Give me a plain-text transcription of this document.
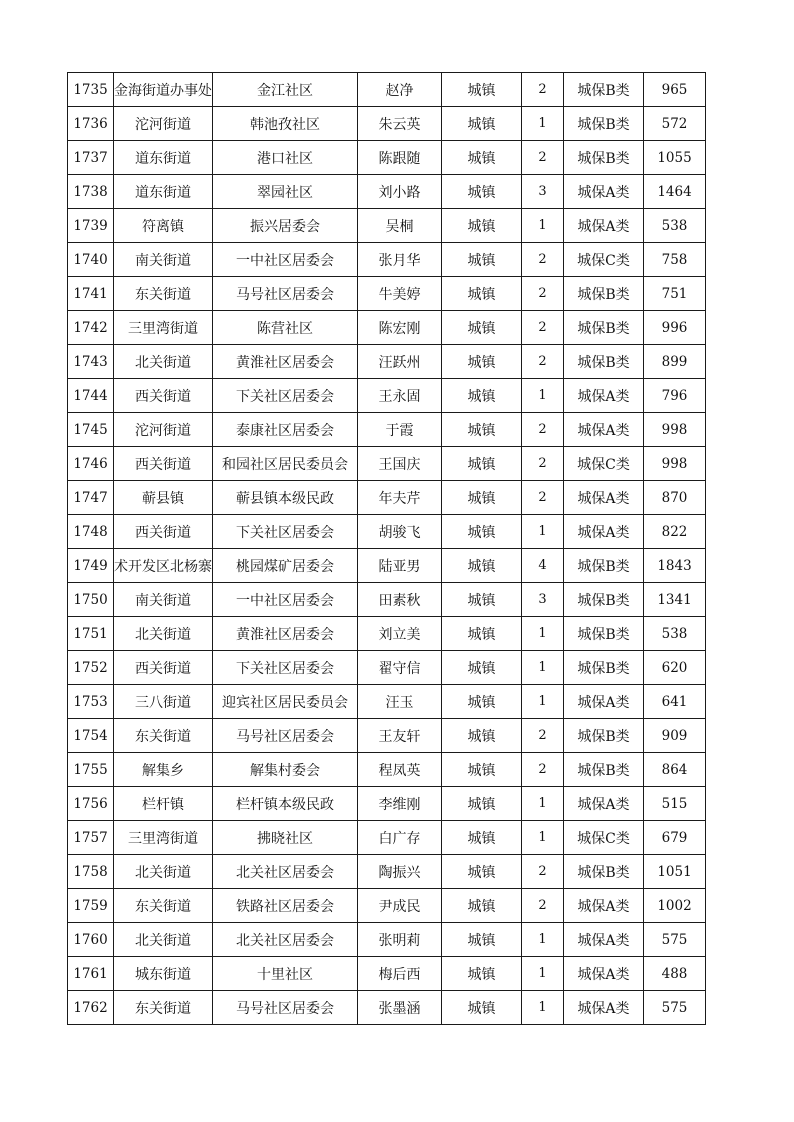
1735	金海街道办事处	金江社区	赵净	城镇	2	城保B类	965
1736	沱河街道	韩池孜社区	朱云英	城镇	1	城保B类	572
1737	道东街道	港口社区	陈跟随	城镇	2	城保B类	1055
1738	道东街道	翠园社区	刘小路	城镇	3	城保A类	1464
1739	符离镇	振兴居委会	吴桐	城镇	1	城保A类	538
1740	南关街道	一中社区居委会	张月华	城镇	2	城保C类	758
1741	东关街道	马号社区居委会	牛美婷	城镇	2	城保B类	751
1742	三里湾街道	陈营社区	陈宏刚	城镇	2	城保B类	996
1743	北关街道	黄淮社区居委会	汪跃州	城镇	2	城保B类	899
1744	西关街道	下关社区居委会	王永固	城镇	1	城保A类	796
1745	沱河街道	泰康社区居委会	于霞	城镇	2	城保A类	998
1746	西关街道	和园社区居民委员会	王国庆	城镇	2	城保C类	998
1747	蕲县镇	蕲县镇本级民政	年夫芹	城镇	2	城保A类	870
1748	西关街道	下关社区居委会	胡骏飞	城镇	1	城保A类	822
1749	术开发区北杨寨	桃园煤矿居委会	陆亚男	城镇	4	城保B类	1843
1750	南关街道	一中社区居委会	田素秋	城镇	3	城保B类	1341
1751	北关街道	黄淮社区居委会	刘立美	城镇	1	城保B类	538
1752	西关街道	下关社区居委会	翟守信	城镇	1	城保B类	620
1753	三八街道	迎宾社区居民委员会	汪玉	城镇	1	城保A类	641
1754	东关街道	马号社区居委会	王友轩	城镇	2	城保B类	909
1755	解集乡	解集村委会	程凤英	城镇	2	城保B类	864
1756	栏杆镇	栏杆镇本级民政	李维刚	城镇	1	城保A类	515
1757	三里湾街道	拂晓社区	白广存	城镇	1	城保C类	679
1758	北关街道	北关社区居委会	陶振兴	城镇	2	城保B类	1051
1759	东关街道	铁路社区居委会	尹成民	城镇	2	城保A类	1002
1760	北关街道	北关社区居委会	张明莉	城镇	1	城保A类	575
1761	城东街道	十里社区	梅后西	城镇	1	城保A类	488
1762	东关街道	马号社区居委会	张墨涵	城镇	1	城保A类	575
